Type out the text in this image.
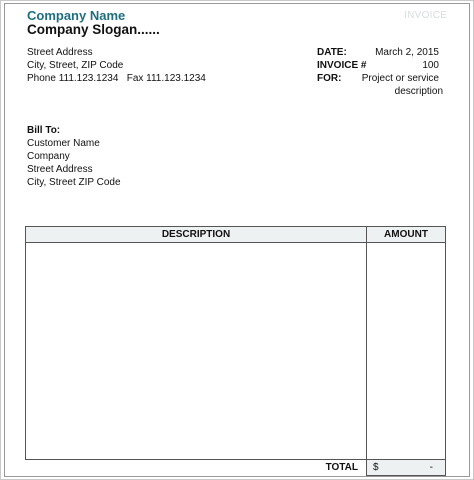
Company Name
Company Slogan......
INVOICE
Street Address
City, Street, ZIP Code
Phone 111.123.1234   Fax 111.123.1234
DATE:	March 2, 2015
INVOICE #	100
FOR: Project or service
description
Bill To:
Customer Name
Company
Street Address
City, Street ZIP Code
DESCRIPTION	AMOUNT

TOTAL	$ -
